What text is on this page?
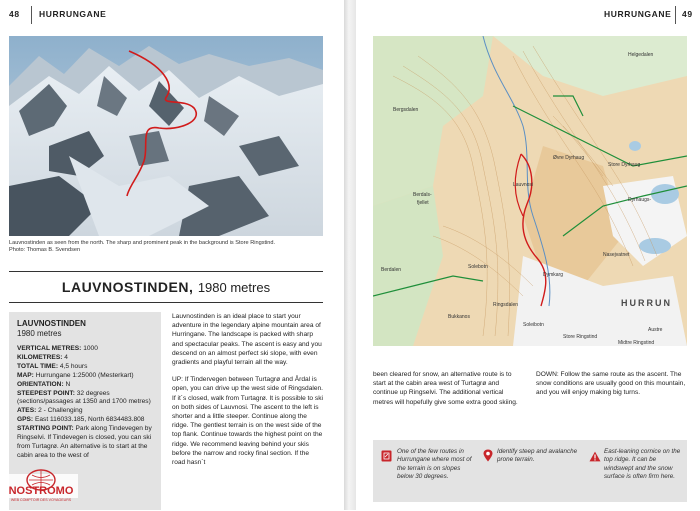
48 HURRUNGANE
Lauvnostinden as seen from the north. The sharp and prominent peak in the background is Store Ringstind.
Photo: Thomas B. Svendsen
LAUVNOSTINDEN, 1980 metres
LAUVNOSTINDEN
1980 metres
VERTICAL METRES: 1000
KILOMETRES: 4
TOTAL TIME: 4,5 hours
MAP: Hurrungane 1:25000 (Mesterkart)
ORIENTATION: N
STEEPEST POINT: 32 degrees (sections/passages at 1350 and 1700 metres)
ATES: 2 - Challenging
GPS: East 116033.185, North 6834483.808
STARTING POINT: Park along Tindevegen by Ringselvi. If Tindevegen is closed, you can ski from Turtagrø. An alternative is to start at the cabin area to the west of

Lauvnostinden is an ideal place to start your adventure in the legendary alpine mountain area of Hurringane. The landscape is packed with sharp and spectacular peaks. The ascent is easy and you descend on an almost perfect ski slope, with even gradients and playful terrain all the way.

UP: If Tindervegen between Turtagrø and Årdal is open, you can drive up the west side of Ringsdalen. If it´s closed, walk from Turtagrø. It is possible to ski on both sides of Lauvnosi. The ascent to the left is shorter and a little steeper. Continue along the ridge. The gentlest terrain is on the west side of the top flank. Continue towards the highest point on the ridge. We recommend leaving behind your skis before the narrow and rocky final section. If the road hasn´t

NOSTROMO
WEB COMPTOIR DES VOYAGEURS
HURRUNGANE 49
Bergsdalen
Berdals-
fjellet
Lauvnosi
Solebotn
Bukkanos
Ringsdalen	HURRUN
Dymkarg
Store Ringstind
Nasejvatnet
Soleibotn
Austre
Store Dyrhaug
Øvre Dyrhaug
Dyrhaugs-
Midtre Ringstind
Helgedalen
Berdalen

been cleared for snow, an alternative route is to start at the cabin area west of Turtagrø and continue up Ringselvi. The additional vertical metres will hopefully give some extra good skiing.

DOWN: Follow the same route as the ascent. The snow conditions are usually good on this mountain, and you will enjoy making big turns.

One of the few routes in Hurrungane where most of the terrain is on slopes below 30 degrees.
Identify steep and avalanche prone terrain.
East-leaning cornice on the top ridge. It can be windswept and the snow surface is often firm here.
